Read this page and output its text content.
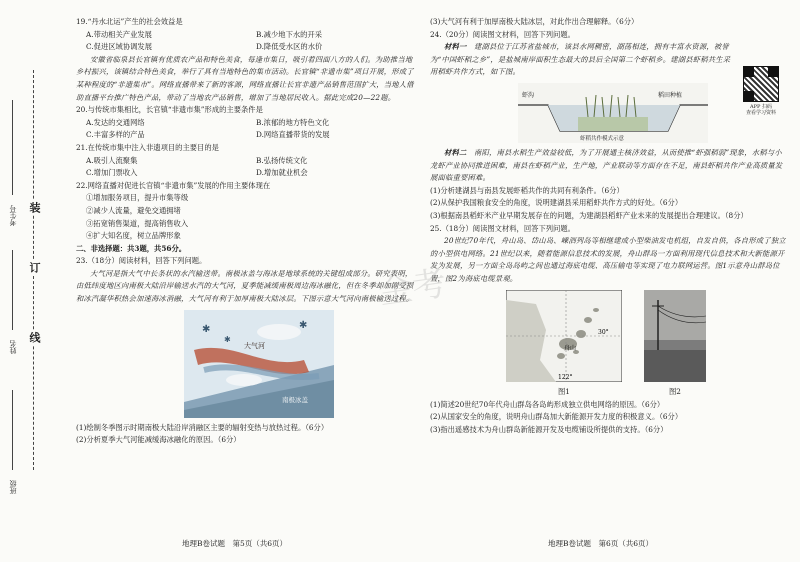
装
订
线
考生号
姓名
班级

19.“丹水北运”产生的社会效益是

A.带动相关产业发展	B.减少地下水的开采
C.促进区域协调发展	D.降低受水区的水价

安徽省临泉县长官镇有优质农产品和特色美食，每逢市集日，吸引着四面八方的人们。为助推当地乡村振兴，该镇结合特色美食，举行了具有当地特色的集市活动。长官镇“非遗市集”项目开展，形成了某种程度的“非遗集市”。网络直播带来了新的客源，网络直播让长官非遗产品销售范围扩大，当地人借助直播平台推广特色产品，带动了当地农产品销售，增加了当地居民收入。据此完成20—22题。

20.与传统市集相比，长官镇“非遗市集”形成的主要条件是

A.发达的交通网络	B.浓郁的地方特色文化
C.丰富多样的产品	D.网络直播带货的发展

21.在传统市集中注入非遗项目的主要目的是

A.吸引人流聚集	B.弘扬传统文化
C.增加门票收入	D.增加就业机会

22.网络直播对促进长官镇“非遗市集”发展的作用主要体现在

①增加服务项目，提升市集等级
②减少人流量，避免交通拥堵
③拓宽销售渠道，提高销售收入
④扩大知名度，树立品牌形象

二、非选择题：共3题，共56分。

23.（18分）阅读材料，回答下列问题。

大气河是指大气中长条状的水汽输送带。南极冰盖与海冰是地球系统的关键组成部分。研究表明，由低纬度地区向南极大陆沿岸输送水汽的大气河，夏季能减缓南极周边海冰融化，但在冬季却加剧受损和冰汽凝华积热会加速海冰消融，大气河有利于加厚南极大陆冰层。下图示意大气河向南极输送过程。

✱	✱
✱
大气河
南极冰盖

(1)绘制冬季图示时期南极大陆沿岸消融区主要的辐射变热与放热过程。（6分）

(2)分析夏季大气河能减缓海冰融化的原因。（6分）

地理B卷试题　第5页（共6页）

(3)大气河有利于加厚南极大陆冰层，对此作出合理解释。（6分）

24.（20分）阅读图文材料，回答下列问题。

材料一　 建湖县位于江苏省盐城市，该县水网稠密，湖荡相连，拥有丰富水资源，被誉为“中国虾稻之乡”，是盐城南岸面积生态最大的县后全国第二个虾稻乡。建湖县虾稻共生采用稻虾共作方式，如下图。

虾沟	稻田种植
虾稻共作模式示意

材料二　 南阳，南县水稻生产效益较低，为了开展通主核济效益，从而使推“虾强稻弱”现象，水稻与小龙虾产业协同推进困难，南县在虾稻产业，生产地，产业联动等方面存在不足，南县虾稻共作产业高质量发展面临重要困难。

(1)分析建湖县与南县发展虾稻共作的共同有利条件。（6分）

(2)从保护我国粮食安全的角度，说明建湖县采用稻虾共作方式的好处。（6分）

(3)根据南县稻虾米产业早期发展存在的问题，为建湖县稻虾产业未来的发展提出合理建议。（8分）

25.（18分）阅读图文材料，回答下列问题。

20世纪70年代，舟山岛、岱山岛、嵊泗列岛等相继建成小型柴油发电机组，自发自供，各自形成了独立的小型供电网络。21世纪以来，随着能源信息技术的发展，舟山群岛一方面利用现代信息技术和大新能源开发为发展，另一方面全岛岛屿之间也通过海底电缆、高压输电等实现了电力联网运营。图1示意舟山群岛位置，图2为海底电缆景观。

30°
122°
舟山
图1	图2

(1)简述20世纪70年代舟山群岛各岛屿形成独立供电网络的原因。（6分）

(2)从国家安全的角度，说明舟山群岛加大新能源开发力度的积极意义。（6分）

(3)指出遥感技术为舟山群岛新能源开发及电缆铺设所提供的支持。（6分）

APP 扫码
查看学习资料
地理B卷试题　第6页（共6页）
金考
